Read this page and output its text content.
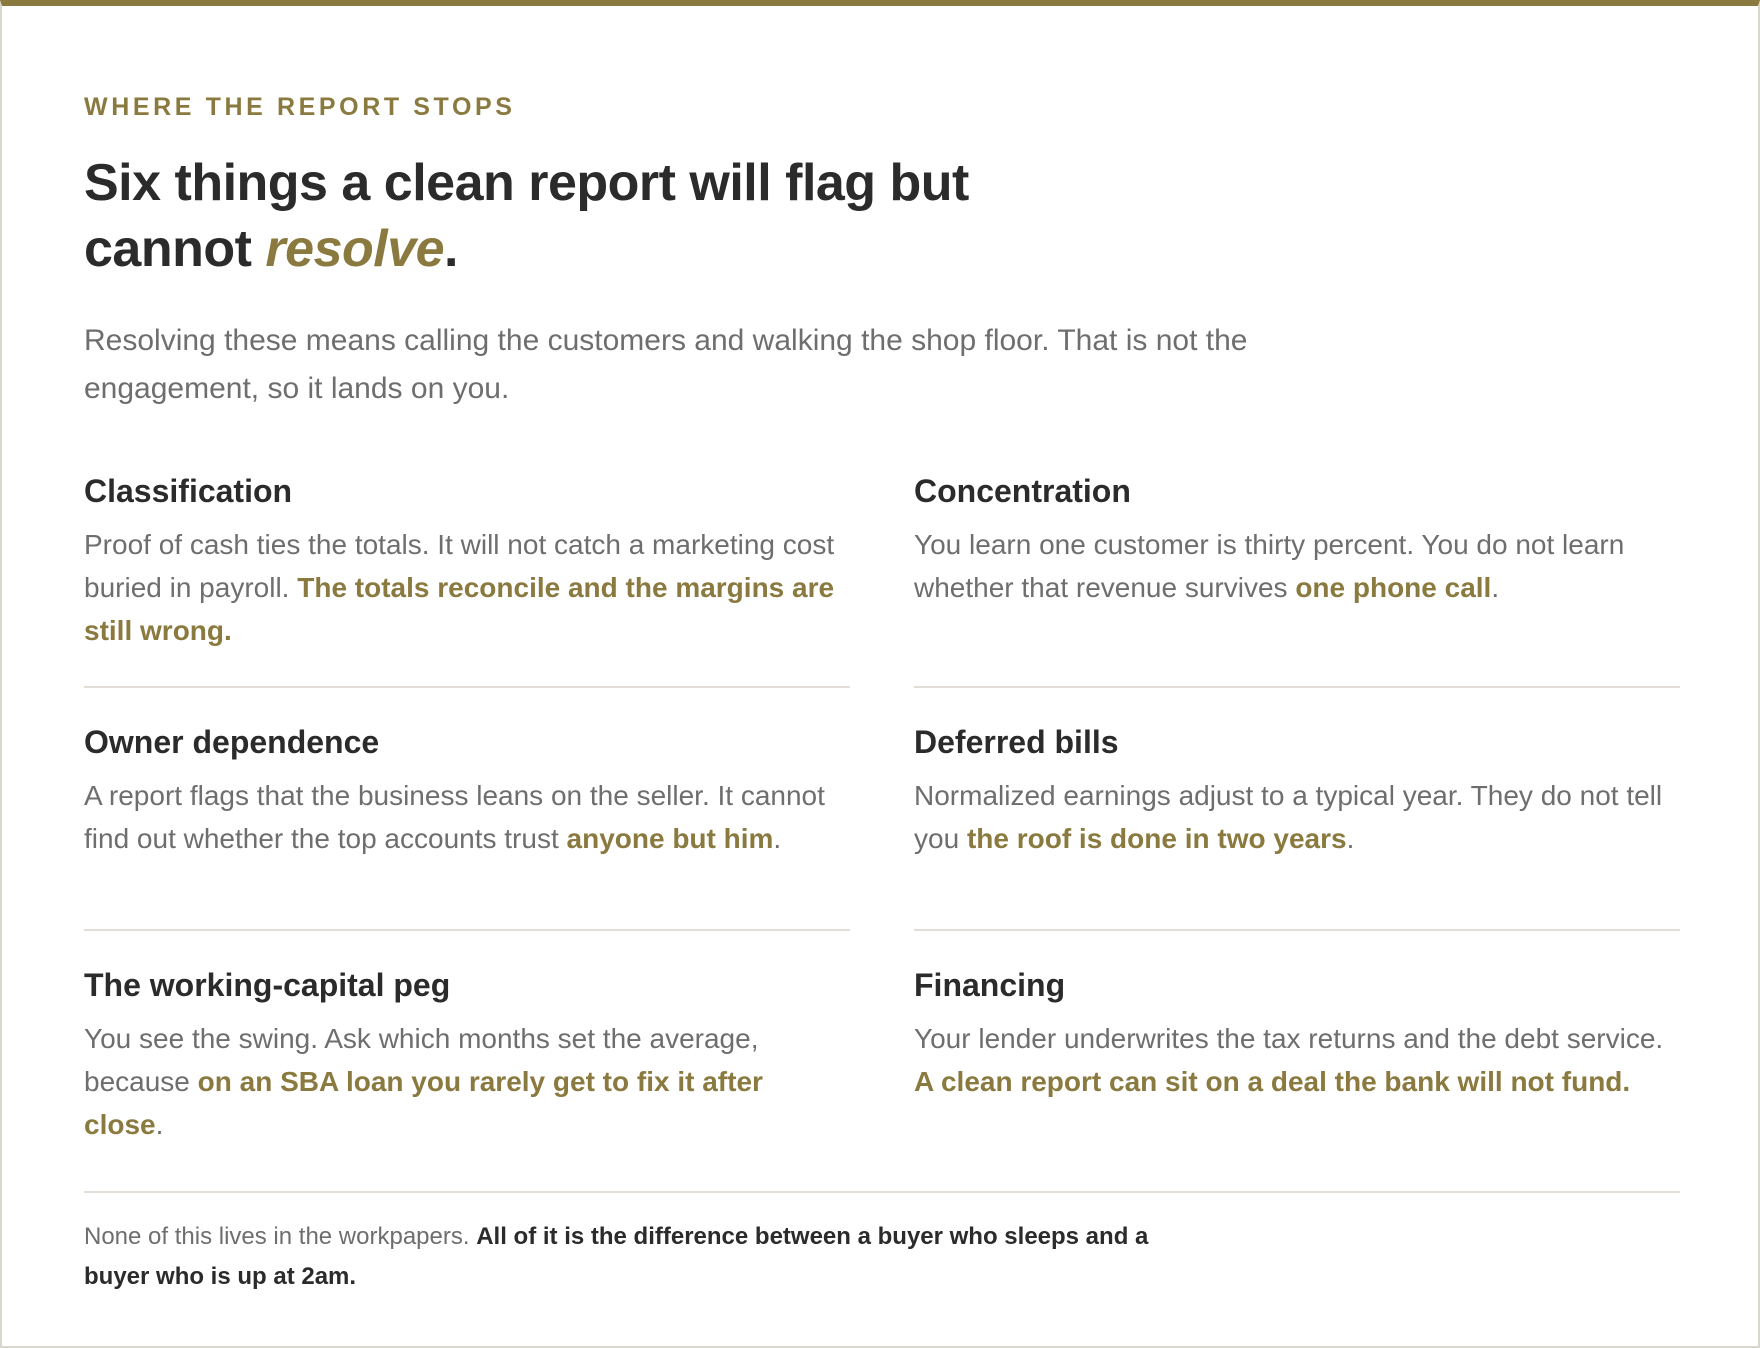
WHERE THE REPORT STOPS
Six things a clean report will flag but cannot resolve.

Resolving these means calling the customers and walking the shop floor. That is not the engagement, so it lands on you.

Classification
Proof of cash ties the totals. It will not catch a marketing cost buried in payroll. The totals reconcile and the margins are still wrong.
Concentration
You learn one customer is thirty percent. You do not learn whether that revenue survives one phone call.
Owner dependence
A report flags that the business leans on the seller. It cannot find out whether the top accounts trust anyone but him.
Deferred bills
Normalized earnings adjust to a typical year. They do not tell you the roof is done in two years.
The working-capital peg
You see the swing. Ask which months set the average, because on an SBA loan you rarely get to fix it after close.
Financing
Your lender underwrites the tax returns and the debt service. A clean report can sit on a deal the bank will not fund.
None of this lives in the workpapers. All of it is the difference between a buyer who sleeps and a buyer who is up at 2am.
